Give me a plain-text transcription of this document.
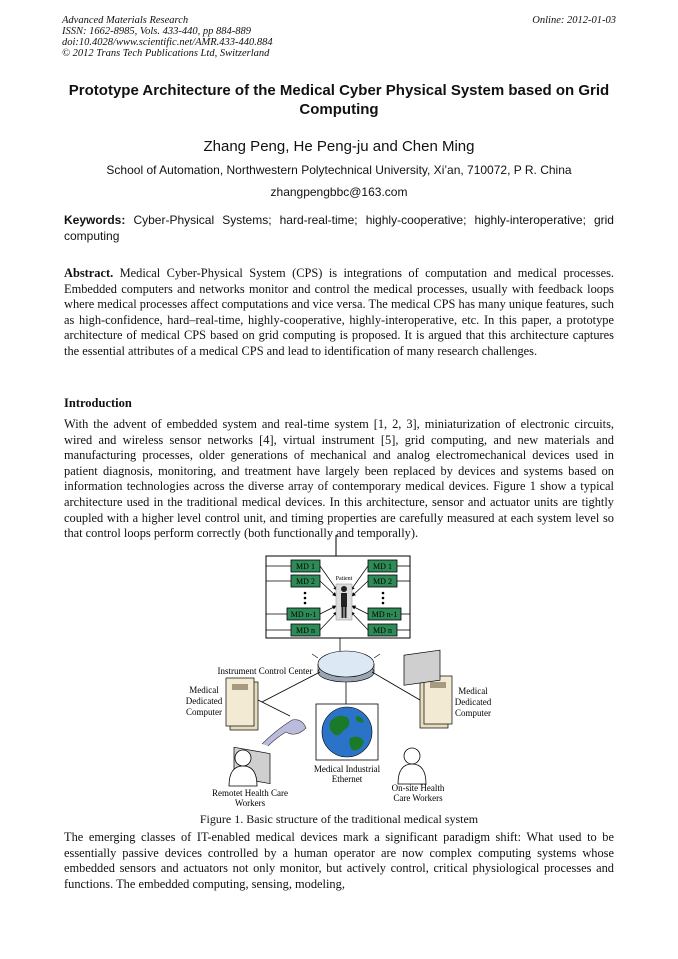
Advanced Materials Research
ISSN: 1662-8985, Vols. 433-440, pp 884-889
doi:10.4028/www.scientific.net/AMR.433-440.884
© 2012 Trans Tech Publications Ltd, Switzerland
Online: 2012-01-03
Prototype Architecture of the Medical Cyber Physical System based on Grid Computing
Zhang Peng, He Peng-ju and Chen Ming
School of Automation, Northwestern Polytechnical University, Xi’an, 710072, P R. China
zhangpengbbc@163.com
Keywords: Cyber-Physical Systems; hard-real-time; highly-cooperative; highly-interoperative; grid computing
Abstract. Medical Cyber-Physical System (CPS) is integrations of computation and medical processes. Embedded computers and networks monitor and control the medical processes, usually with feedback loops where medical processes affect computations and vice versa. The medical CPS has many unique features, such as high-confidence, hard–real-time, highly-cooperative, highly-interoperative, etc. In this paper, a prototype architecture of medical CPS based on grid computing is proposed. It is argued that this architecture captures the essential attributes of a medical CPS and lead to identification of many research challenges.
Introduction
With the advent of embedded system and real-time system [1, 2, 3], miniaturization of electronic circuits, wired and wireless sensor networks [4], virtual instrument [5], grid computing, and new materials and manufacturing processes, older generations of mechanical and analog electromechanical devices used in patient diagnosis, monitoring, and treatment have largely been replaced by devices and systems based on information technologies across the diverse array of contemporary medical devices. Figure 1 show a typical architecture used in the traditional medical devices. In this architecture, sensor and actuator units are tightly coupled with a higher level control unit, and timing properties are carefully measured at each system level so that control loops perform correctly (both functionally and temporally).
MD 1
MD 2
MD n-1
MD n
MD 1
MD 2
MD n-1
MD n
Patient
Instrument Control Center
Medical Industrial
Ethernet
Medical
Dedicated
Computer
Medical
Dedicated
Computer
Remotet Health Care
Workers
On-site Health
Care Workers
Figure 1. Basic structure of the traditional medical system
The emerging classes of IT-enabled medical devices mark a significant paradigm shift: What used to be essentially passive devices controlled by a human operator are now complex computing systems whose embedded sensors and actuators not only monitor, but actively control, critical physiological processes and functions. The embedded computing, sensing, modeling,
